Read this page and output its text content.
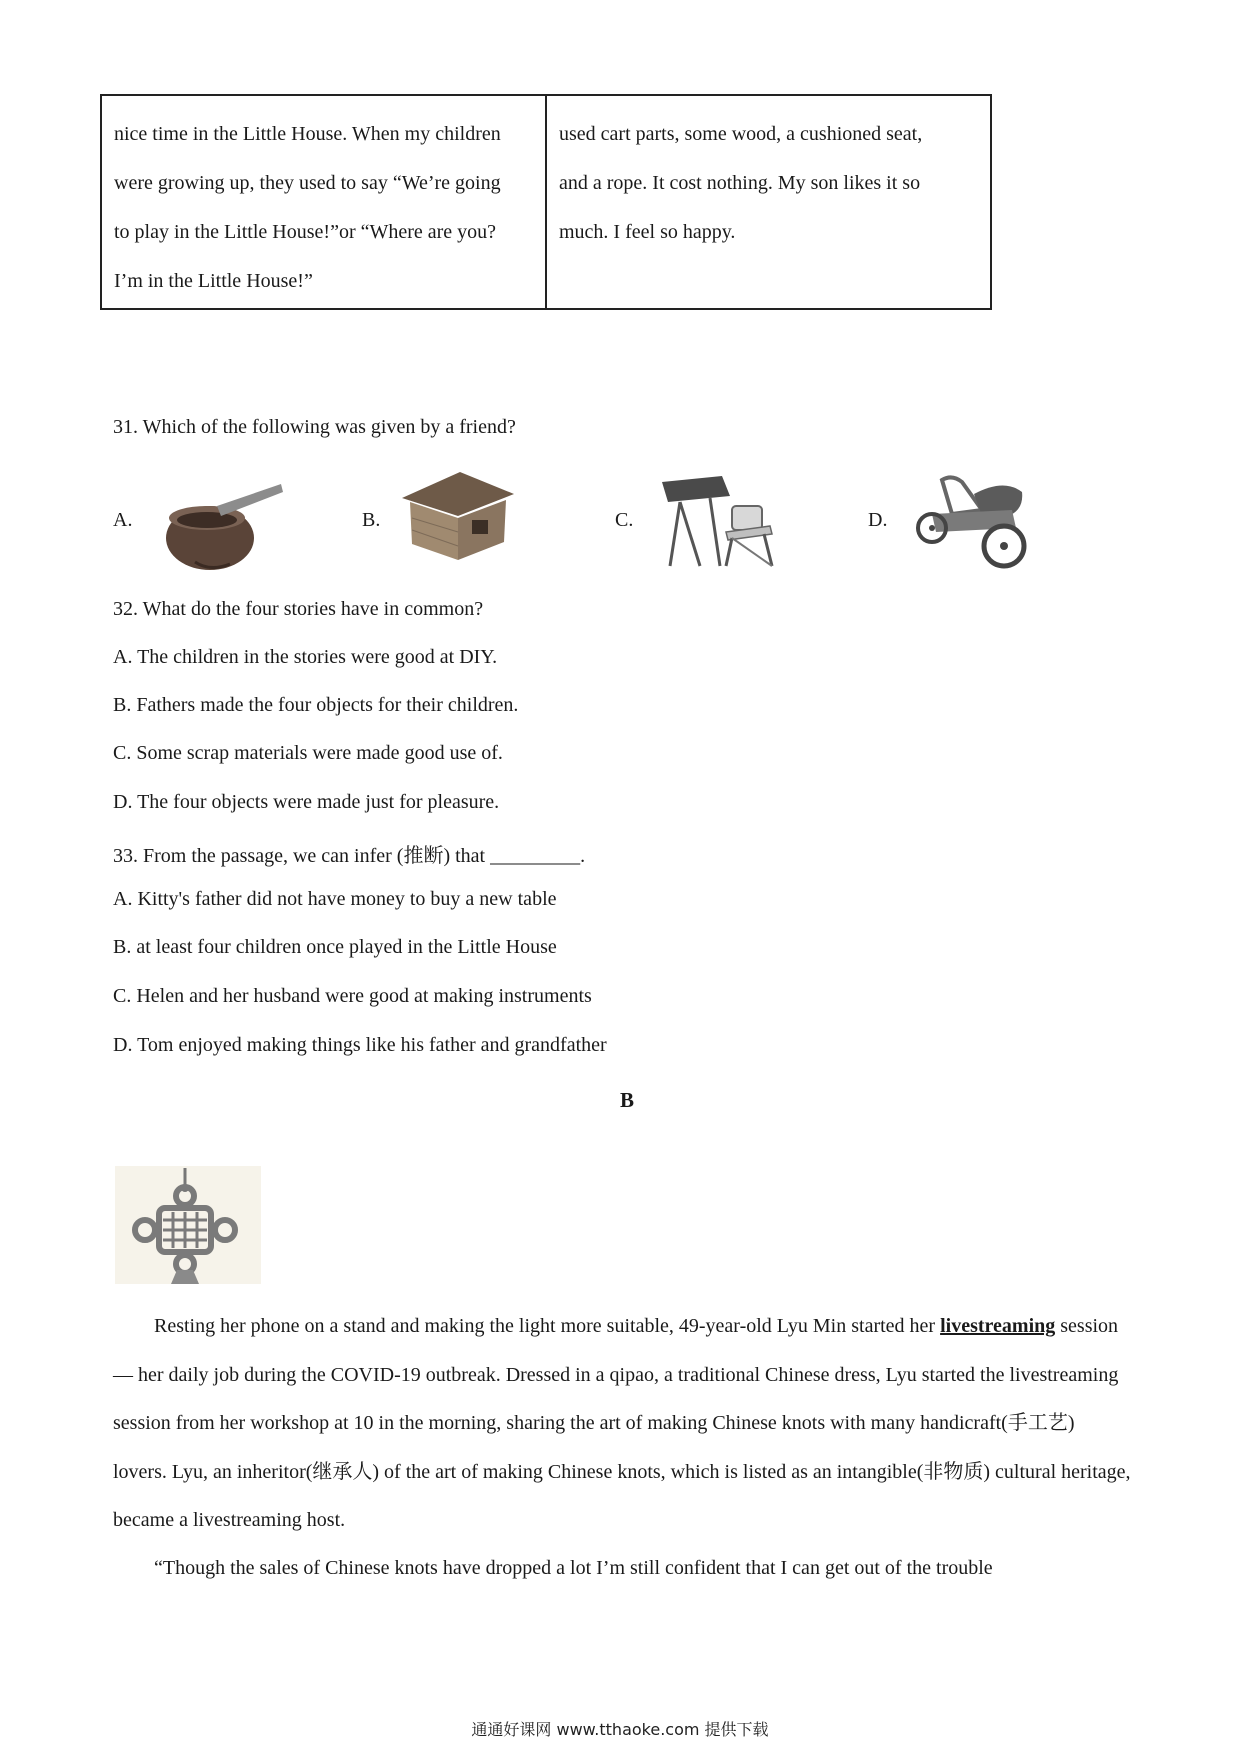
nice time in the Little House. When my children

were growing up, they used to say “We’re going

to play in the Little House!”or “Where are you?

I’m in the Little House!”

used cart parts, some wood, a cushioned seat,

and a rope. It cost nothing. My son likes it so

much. I feel so happy.

31. Which of the following was given by a friend?
A.	B.	C.	D.
32. What do the four stories have in common?
A. The children in the stories were good at DIY.
B. Fathers made the four objects for their children.
C. Some scrap materials were made good use of.
D. The four objects were made just for pleasure.
33. From the passage, we can infer (推断) that _________.
A. Kitty's father did not have money to buy a new table
B. at least four children once played in the Little House
C. Helen and her husband were good at making instruments
D. Tom enjoyed making things like his father and grandfather
B

Resting her phone on a stand and making the light more suitable, 49-year-old Lyu Min started her livestreaming session — her daily job during the COVID-19 outbreak. Dressed in a qipao, a traditional Chinese dress, Lyu started the livestreaming session from her workshop at 10 in the morning, sharing the art of making Chinese knots with many handicraft(手工艺) lovers. Lyu, an inheritor(继承人) of the art of making Chinese knots, which is listed as an intangible(非物质) cultural heritage, became a livestreaming host.

“Though the sales of Chinese knots have dropped a lot I’m still confident that I can get out of the trouble

通通好课网 www.tthaoke.com 提供下载
